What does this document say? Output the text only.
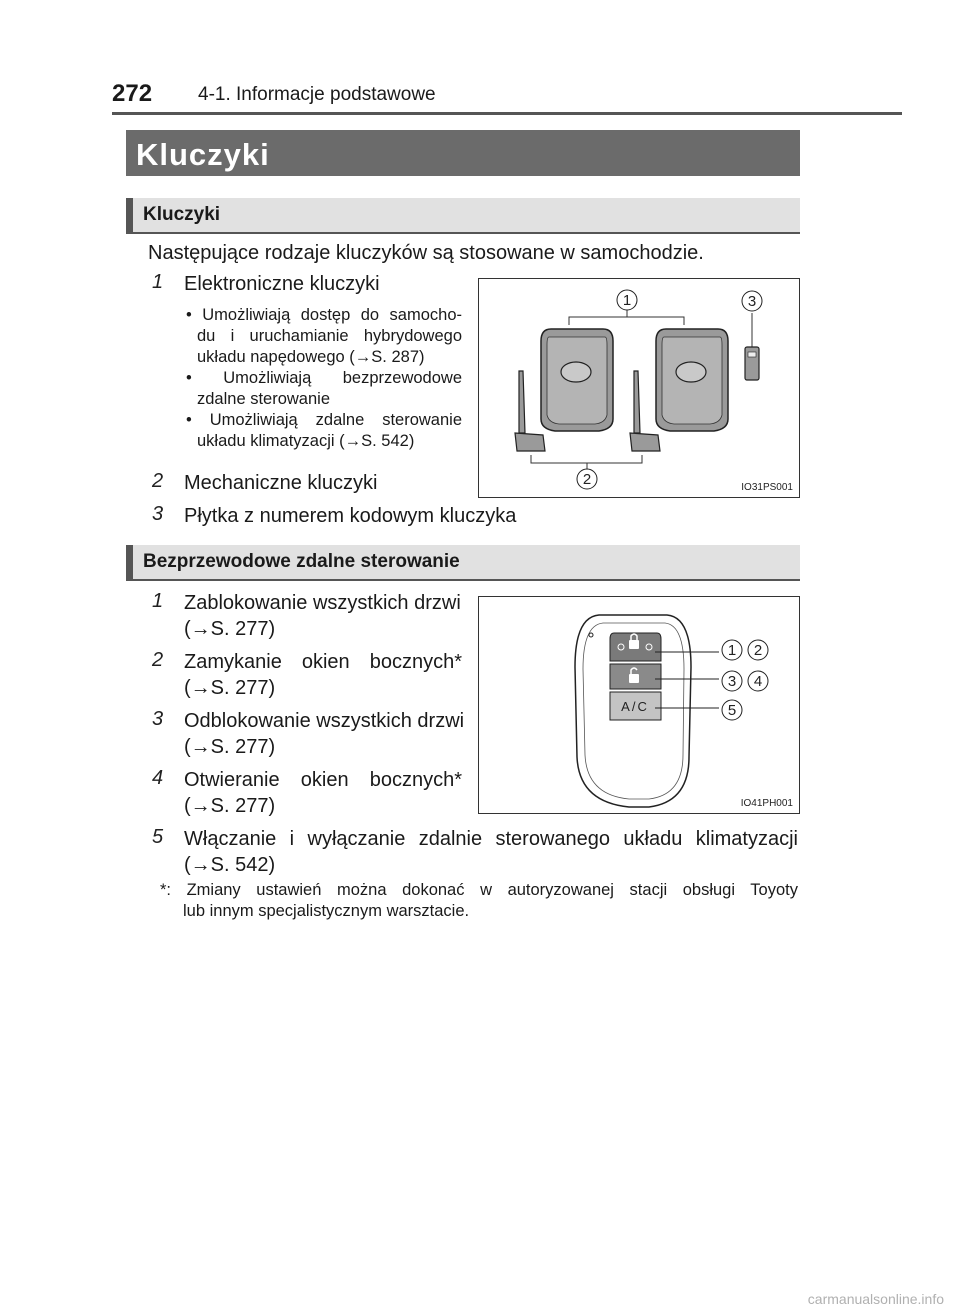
272 4-1. Informacje podstawowe
Kluczyki
Kluczyki
Następujące rodzaje kluczyków są stosowane w samochodzie.
1 Elektroniczne kluczyki
• Umożliwiają dostęp do samocho-
du i uruchamianie hybrydowego
układu napędowego (→S. 287)
• Umożliwiają bezprzewodowe
zdalne sterowanie
• Umożliwiają zdalne sterowanie
układu klimatyzacji (→S. 542)
2 Mechaniczne kluczyki
3 Płytka z numerem kodowym kluczyka
1
2
3
IO31PS001
Bezprzewodowe zdalne sterowanie
1 Zablokowanie wszystkich drzwi
(→S. 277)
2 Zamykanie okien bocznych*
(→S. 277)
3 Odblokowanie wszystkich drzwi
(→S. 277)
4 Otwieranie okien bocznych*
(→S. 277)
5 Włączanie i wyłączanie zdalnie sterowanego układu klimatyzacji
(→S. 542)
A/C
1 2
3 4
5
IO41PH001
*: Zmiany ustawień można dokonać w autoryzowanej stacji obsługi Toyoty
lub innym specjalistycznym warsztacie.
carmanualsonline.info
